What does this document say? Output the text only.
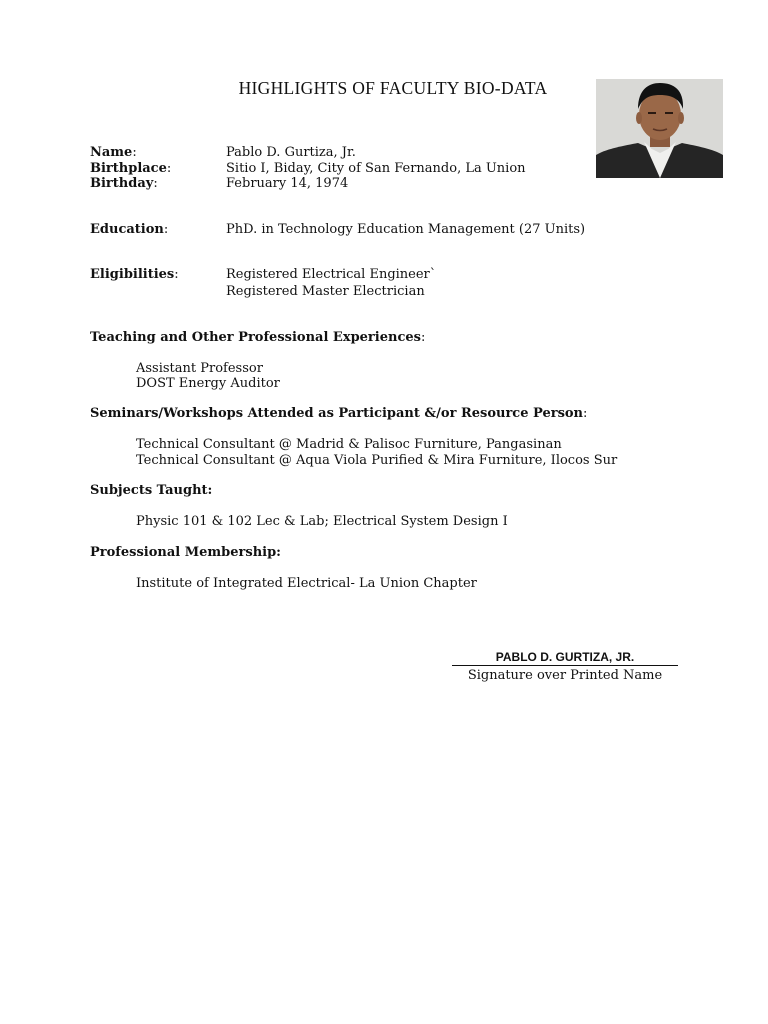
HIGHLIGHTS OF FACULTY BIO-DATA
Name:	Pablo D. Gurtiza, Jr.
Birthplace:	Sitio I, Biday, City of San Fernando, La Union
Birthday:	February 14, 1974
Education:	PhD. in Technology Education Management (27 Units)
Eligibilities:	Registered Electrical Engineer`
Registered Master Electrician
Teaching and Other Professional Experiences:
Assistant Professor
DOST Energy Auditor
Seminars/Workshops Attended as Participant &/or Resource Person:
Technical Consultant @ Madrid & Palisoc Furniture, Pangasinan
Technical Consultant @ Aqua Viola Purified & Mira Furniture, Ilocos Sur
Subjects Taught:
Physic 101 & 102 Lec & Lab; Electrical System Design I
Professional Membership:
Institute of Integrated Electrical- La Union Chapter
PABLO D. GURTIZA, JR.
Signature over Printed Name
